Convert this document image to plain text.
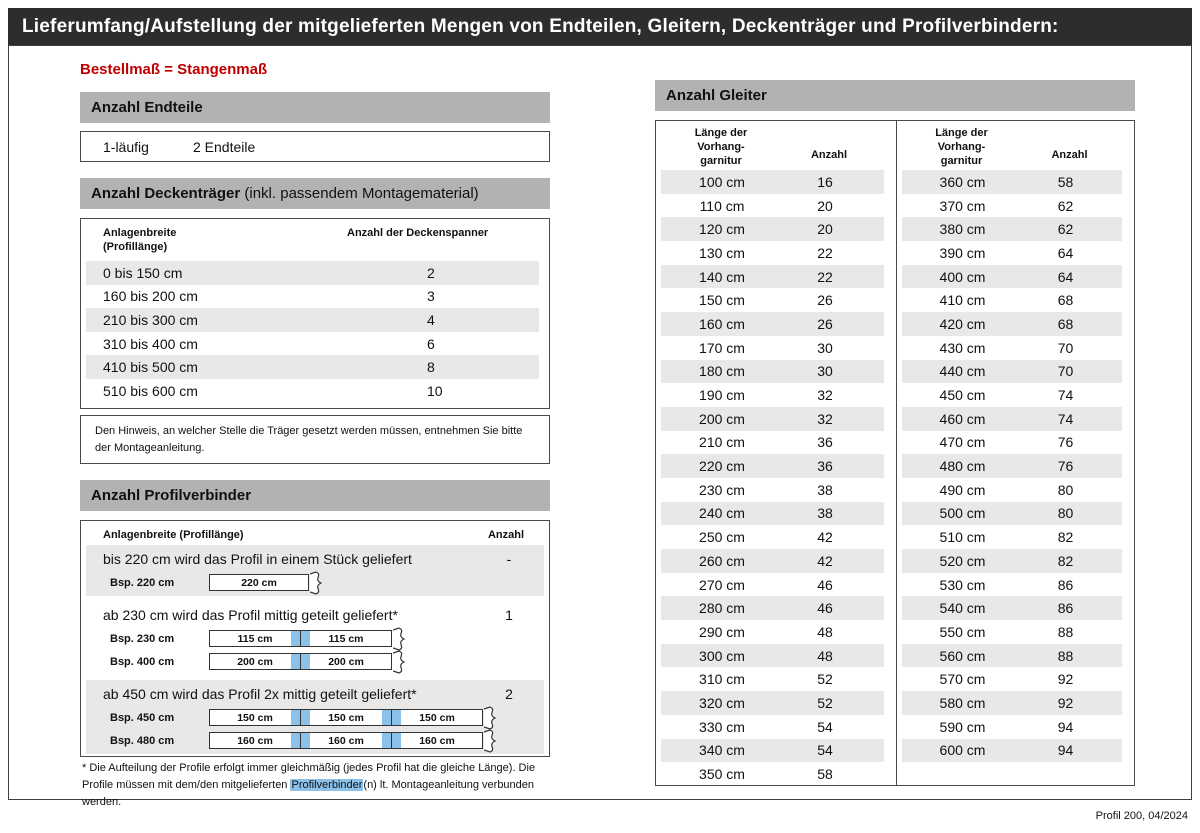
Lieferumfang/Aufstellung der mitgelieferten Mengen von Endteilen, Gleitern, Deckenträger und Profilverbindern:
Bestellmaß = Stangenmaß
Anzahl Endteile
1-läufig	2 Endteile
Anzahl Deckenträger (inkl. passendem Montagematerial)
Anlagenbreite
(Profillänge)
Anzahl der Deckenspanner
0 bis 150 cm	2
160 bis 200 cm	3
210 bis 300 cm	4
310 bis 400 cm	6
410 bis 500 cm	8
510 bis 600 cm	10
Den Hinweis, an welcher Stelle die Träger gesetzt werden müssen, entnehmen Sie bitte der Montageanleitung.
Anzahl Profilverbinder
Anlagenbreite (Profillänge)	Anzahl
bis 220 cm wird das Profil in einem Stück geliefert	-
Bsp. 220 cm	220 cm
ab 230 cm wird das Profil mittig geteilt geliefert*	1
Bsp. 230 cm	115 cm	115 cm
Bsp. 400 cm	200 cm	200 cm
ab 450 cm wird das Profil 2x mittig geteilt geliefert*	2
Bsp. 450 cm	150 cm	150 cm	150 cm
Bsp. 480 cm	160 cm	160 cm	160 cm

* Die Aufteilung der Profile erfolgt immer gleichmäßig (jedes Profil hat die gleiche Länge). Die Profile müssen mit dem/den mitgelieferten Profilverbinder(n) lt. Montageanleitung verbunden werden.

Anzahl Gleiter
Länge der
Vorhang-
garnitur	Anzahl
100 cm	16
110 cm	20
120 cm	20
130 cm	22
140 cm	22
150 cm	26
160 cm	26
170 cm	30
180 cm	30
190 cm	32
200 cm	32
210 cm	36
220 cm	36
230 cm	38
240 cm	38
250 cm	42
260 cm	42
270 cm	46
280 cm	46
290 cm	48
300 cm	48
310 cm	52
320 cm	52
330 cm	54
340 cm	54
350 cm	58
Länge der
Vorhang-
garnitur	Anzahl
360 cm	58
370 cm	62
380 cm	62
390 cm	64
400 cm	64
410 cm	68
420 cm	68
430 cm	70
440 cm	70
450 cm	74
460 cm	74
470 cm	76
480 cm	76
490 cm	80
500 cm	80
510 cm	82
520 cm	82
530 cm	86
540 cm	86
550 cm	88
560 cm	88
570 cm	92
580 cm	92
590 cm	94
600 cm	94
Profil 200, 04/2024
